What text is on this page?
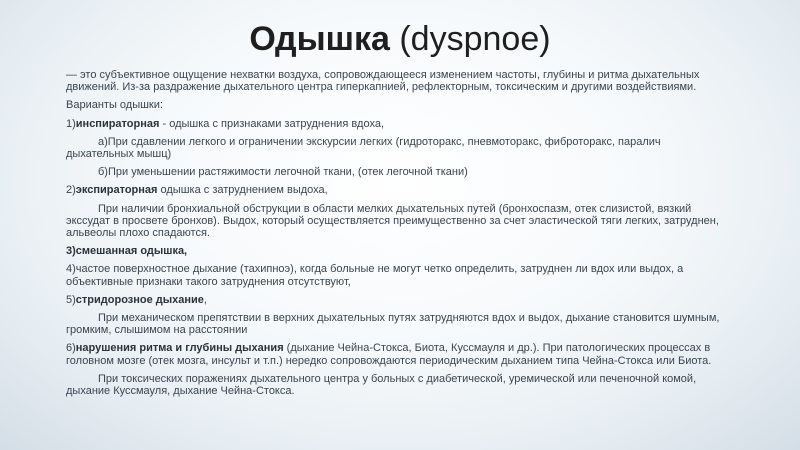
Одышка (dyspnoe)

— это субъективное ощущение нехватки воздуха, сопровождающееся изменением частоты, глубины и ритма дыхательных движений. Из-за раздражение дыхательного центра гиперкапнией, рефлекторным, токсическим и другими воздействиями.

Варианты одышки:

1)инспираторная - одышка с признаками затруднения вдоха,

а)При сдавлении легкого и ограничении экскурсии легких (гидроторакс, пневмоторакс, фиброторакс, паралич дыхательных мышц)

б)При уменьшении растяжимости легочной ткани, (отек легочной ткани)

2)экспираторная одышка с затруднением выдоха,

При наличии бронхиальной обструкции в области мелких дыхательных путей (бронхоспазм, отек слизистой, вязкий экссудат в просвете бронхов). Выдох, который осуществляется преимущественно за счет эластической тяги легких, затруднен, альвеолы плохо спадаются.

3)смешанная одышка,

4)частое поверхностное дыхание (тахипноэ), когда больные не могут четко определить, затруднен ли вдох или выдох, а объективные признаки такого затруднения отсутствуют,

5)стридорозное дыхание,

При механическом препятствии в верхних дыхательных путях затрудняются вдох и выдох, дыхание становится шумным, громким, слышимом на расстоянии

6)нарушения ритма и глубины дыхания (дыхание Чейна-Стокса, Биота, Куссмауля и др.). При патологических процессах в головном мозге (отек мозга, инсульт и т.п.) нередко сопровождаются периодическим дыханием типа Чейна-Стокса или Биота.

При токсических поражениях дыхательного центра у больных с диабетической, уремической или печеночной комой, дыхание Куссмауля, дыхание Чейна-Стокса.
